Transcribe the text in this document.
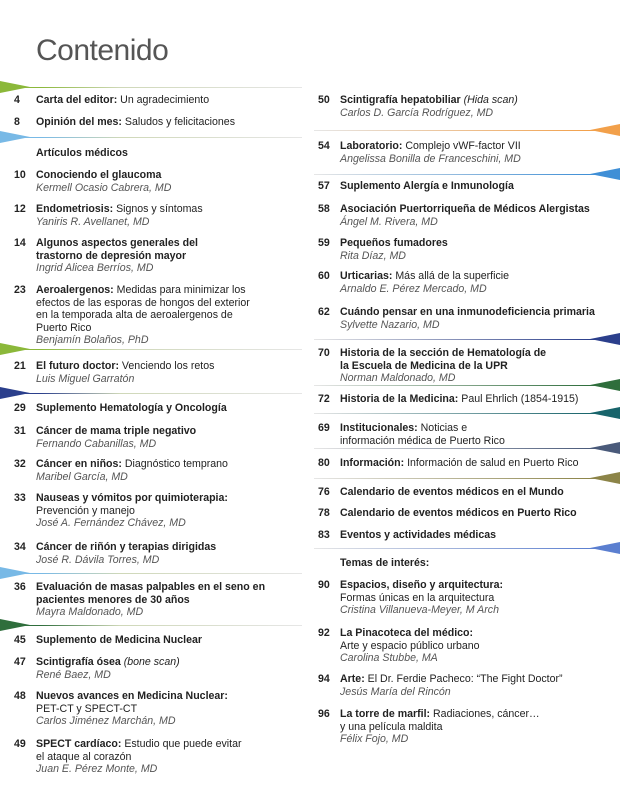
Contenido
4	Carta del editor: Un agradecimiento
8	Opinión del mes: Saludos y felicitaciones
Artículos médicos
10 Conociendo el glaucoma
Kermell Ocasio Cabrera, MD
12 Endometriosis: Signos y síntomas
Yaniris R. Avellanet, MD
14 Algunos aspectos generales del
trastorno de depresión mayor
Ingrid Alicea Berríos, MD
23 Aeroalergenos: Medidas para minimizar los
efectos de las esporas de hongos del exterior
en la temporada alta de aeroalergenos de
Puerto Rico
Benjamín Bolaños, PhD
21 El futuro doctor: Venciendo los retos
Luis Miguel Garratón
29 Suplemento Hematología y Oncología
31 Cáncer de mama triple negativo
Fernando Cabanillas, MD
32 Cáncer en niños: Diagnóstico temprano
Maribel García, MD
33 Nauseas y vómitos por quimioterapia:
Prevención y manejo
José A. Fernández Chávez, MD
34 Cáncer de riñón y terapias dirigidas
José R. Dávila Torres, MD
36 Evaluación de masas palpables en el seno en
pacientes menores de 30 años
Mayra Maldonado, MD
45 Suplemento de Medicina Nuclear
47 Scintigrafía ósea (bone scan)
René Baez, MD
48 Nuevos avances en Medicina Nuclear:
PET-CT y SPECT-CT
Carlos Jiménez Marchán, MD
49 SPECT cardíaco: Estudio que puede evitar
el ataque al corazón
Juan E. Pérez Monte, MD
50 Scintigrafía hepatobiliar (Hida scan)
Carlos D. García Rodríguez, MD
54 Laboratorio: Complejo vWF-factor VII
Angelissa Bonilla de Franceschini, MD
57 Suplemento Alergía e Inmunología
58 Asociación Puertorriqueña de Médicos Alergistas
Ángel M. Rivera, MD
59 Pequeños fumadores
Rita Díaz, MD
60 Urticarias: Más allá de la superficie
Arnaldo E. Pérez Mercado, MD
62 Cuándo pensar en una inmunodeficiencia primaria
Sylvette Nazario, MD
70 Historia de la sección de Hematología de
la Escuela de Medicina de la UPR
Norman Maldonado, MD
72 Historia de la Medicina: Paul Ehrlich (1854-1915)
69 Institucionales: Noticias e
información médica de Puerto Rico
80 Información: Información de salud en Puerto Rico
76 Calendario de eventos médicos en el Mundo
78 Calendario de eventos médicos en Puerto Rico
83 Eventos y actividades médicas
Temas de interés:
90 Espacios, diseño y arquitectura:
Formas únicas en la arquitectura
Cristina Villanueva-Meyer, M Arch
92 La Pinacoteca del médico:
Arte y espacio público urbano
Carolina Stubbe, MA
94 Arte: El Dr. Ferdie Pacheco: “The Fight Doctor”
Jesús María del Rincón
96 La torre de marfil: Radiaciones, cáncer…
y una película maldita
Félix Fojo, MD
